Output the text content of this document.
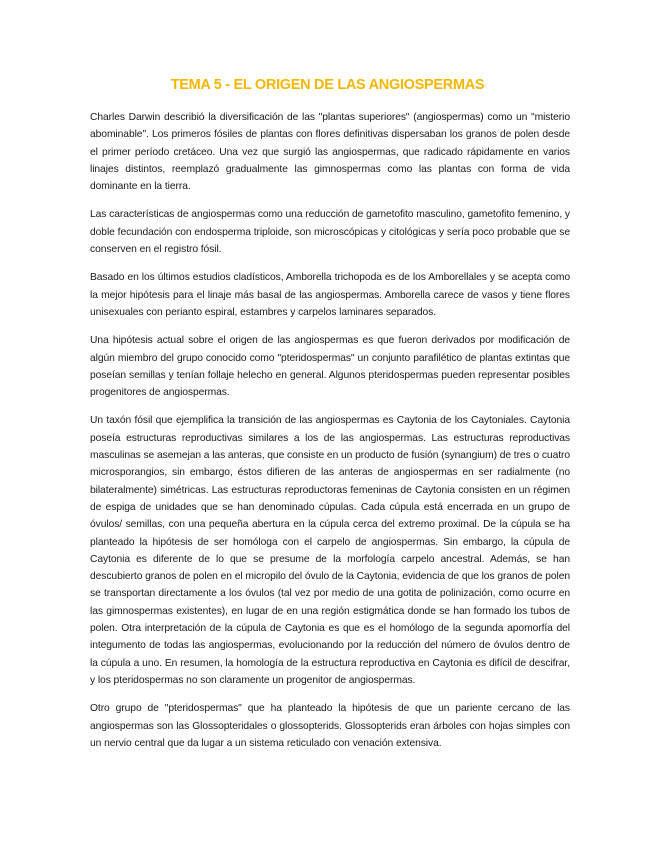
TEMA 5 - EL ORIGEN DE LAS ANGIOSPERMAS

Charles Darwin describió la diversificación de las "plantas superiores" (angiospermas) como un "misterio abominable". Los primeros fósiles de plantas con flores definitivas dispersaban los granos de polen desde el primer período cretáceo. Una vez que surgió las angiospermas, que radicado rápidamente en varios linajes distintos, reemplazó gradualmente las gimnospermas como las plantas con forma de vida dominante en la tierra.

Las características de angiospermas como una reducción de gametofito masculino, gametofito femenino, y doble fecundación con endosperma triploide, son microscópicas y citológicas y sería poco probable que se conserven en el registro fósil.

Basado en los últimos estudios cladísticos, Amborella trichopoda es de los Amborellales y se acepta como la mejor hipótesis para el linaje más basal de las angiospermas. Amborella carece de vasos y tiene flores unisexuales con perianto espiral, estambres y carpelos laminares separados.

Una hipótesis actual sobre el origen de las angiospermas es que fueron derivados por modificación de algún miembro del grupo conocido como "pteridospermas" un conjunto parafilético de plantas extintas que poseían semillas y tenían follaje helecho en general. Algunos pteridospermas pueden representar posibles progenitores de angiospermas.

Un taxón fósil que ejemplifica la transición de las angiospermas es Caytonia de los Caytoniales. Caytonia poseía estructuras reproductivas similares a los de las angiospermas. Las estructuras reproductivas masculinas se asemejan a las anteras, que consiste en un producto de fusión (synangium) de tres o cuatro microsporangios, sin embargo, éstos difieren de las anteras de angiospermas en ser radialmente (no bilateralmente) simétricas. Las estructuras reproductoras femeninas de Caytonia consisten en un régimen de espiga de unidades que se han denominado cúpulas. Cada cúpula está encerrada en un grupo de óvulos/ semillas, con una pequeña abertura en la cúpula cerca del extremo proximal. De la cúpula se ha planteado la hipótesis de ser homóloga con el carpelo de angiospermas. Sin embargo, la cúpula de Caytonia es diferente de lo que se presume de la morfología carpelo ancestral. Además, se han descubierto granos de polen en el micropilo del óvulo de la Caytonia, evidencia de que los granos de polen se transportan directamente a los óvulos (tal vez por medio de una gotita de polinización, como ocurre en las gimnospermas existentes), en lugar de en una región estigmática donde se han formado los tubos de polen. Otra interpretación de la cúpula de Caytonia es que es el homólogo de la segunda apomorfía del integumento de todas las angiospermas, evolucionando por la reducción del número de óvulos dentro de la cúpula a uno. En resumen, la homología de la estructura reproductiva en Caytonia es difícil de descifrar, y los pteridospermas no son claramente un progenitor de angiospermas.

Otro grupo de "pteridospermas" que ha planteado la hipótesis de que un pariente cercano de las angiospermas son las Glossopteridales o glossopterids. Glossopterids eran árboles con hojas simples con un nervio central que da lugar a un sistema reticulado con venación extensiva.
